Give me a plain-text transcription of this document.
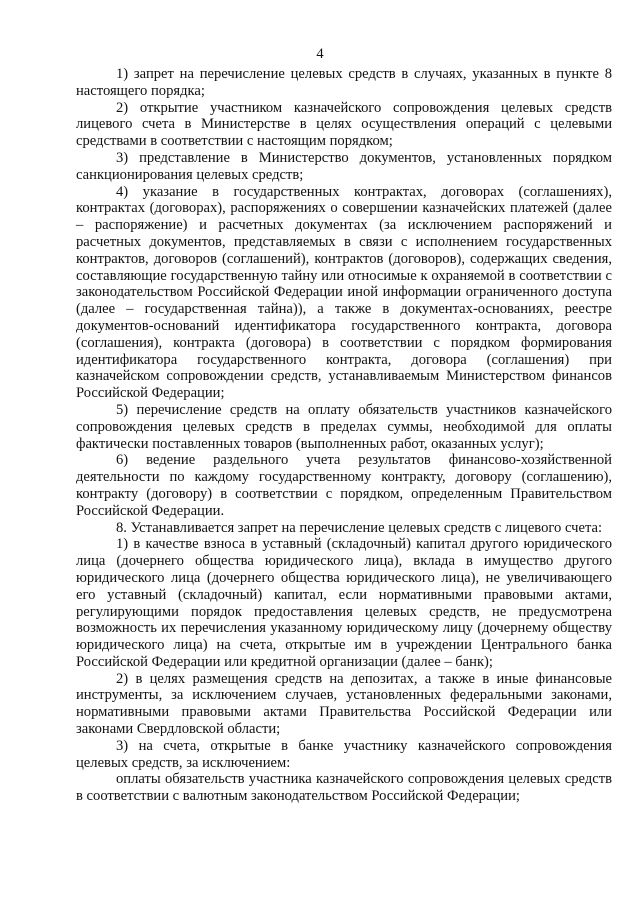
4

1) запрет на перечисление целевых средств в случаях, указанных в пункте 8 настоящего порядка;

2) открытие участником казначейского сопровождения целевых средств лицевого счета в Министерстве в целях осуществления операций с целевыми средствами в соответствии с настоящим порядком;

3) представление в Министерство документов, установленных порядком санкционирования целевых средств;

4) указание в государственных контрактах, договорах (соглашениях), контрактах (договорах), распоряжениях о совершении казначейских платежей (далее – распоряжение) и расчетных документах (за исключением распоряжений и расчетных документов, представляемых в связи с исполнением государственных контрактов, договоров (соглашений), контрактов (договоров), содержащих сведения, составляющие государственную тайну или относимые к охраняемой в соответствии с законодательством Российской Федерации иной информации ограниченного доступа (далее – государственная тайна)), а также в документах-основаниях, реестре документов-оснований идентификатора государственного контракта, договора (соглашения), контракта (договора) в соответствии с порядком формирования идентификатора государственного контракта, договора (соглашения) при казначейском сопровождении средств, устанавливаемым Министерством финансов Российской Федерации;

5) перечисление средств на оплату обязательств участников казначейского сопровождения целевых средств в пределах суммы, необходимой для оплаты фактически поставленных товаров (выполненных работ, оказанных услуг);

6) ведение раздельного учета результатов финансово-хозяйственной деятельности по каждому государственному контракту, договору (соглашению), контракту (договору) в соответствии с порядком, определенным Правительством Российской Федерации.

8. Устанавливается запрет на перечисление целевых средств с лицевого счета:

1) в качестве взноса в уставный (складочный) капитал другого юридического лица (дочернего общества юридического лица), вклада в имущество другого юридического лица (дочернего общества юридического лица), не увеличивающего его уставный (складочный) капитал, если нормативными правовыми актами, регулирующими порядок предоставления целевых средств, не предусмотрена возможность их перечисления указанному юридическому лицу (дочернему обществу юридического лица) на счета, открытые им в учреждении Центрального банка Российской Федерации или кредитной организации (далее – банк);

2) в целях размещения средств на депозитах, а также в иные финансовые инструменты, за исключением случаев, установленных федеральными законами, нормативными правовыми актами Правительства Российской Федерации или законами Свердловской области;

3) на счета, открытые в банке участнику казначейского сопровождения целевых средств, за исключением:

оплаты обязательств участника казначейского сопровождения целевых средств в соответствии с валютным законодательством Российской Федерации;
